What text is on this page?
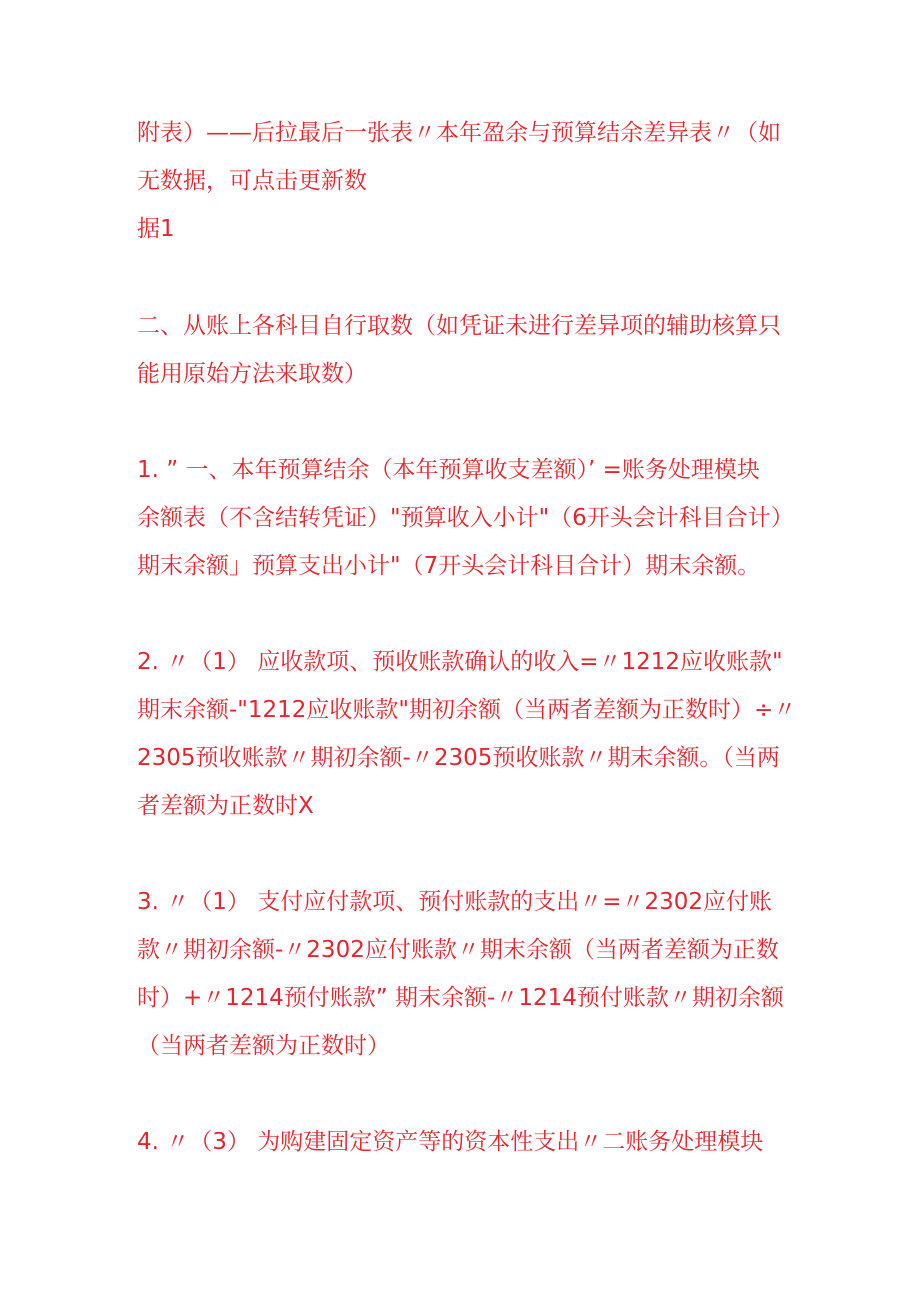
附表）——后拉最后一张表〃本年盈余与预算结余差异表〃（如
无数据，可点击更新数
据1
二、从账上各科目自行取数（如凭证未进行差异项的辅助核算只
能用原始方法来取数）
1. ” 一、本年预算结余（本年预算收支差额）’ =账务处理模块
余额表（不含结转凭证）"预算收入小计"（6开头会计科目合计）
期末余额」预算支出小计"（7开头会计科目合计）期末余额。
2. 〃（1） 应收款项、预收账款确认的收入=〃1212应收账款"
期末余额-"1212应收账款"期初余额（当两者差额为正数时）÷〃
2305预收账款〃期初余额-〃2305预收账款〃期末余额。（当两
者差额为正数时X
3. 〃（1） 支付应付款项、预付账款的支出〃=〃2302应付账
款〃期初余额-〃2302应付账款〃期末余额（当两者差额为正数
时）+〃1214预付账款” 期末余额-〃1214预付账款〃期初余额
（当两者差额为正数时）
4. 〃（3） 为购建固定资产等的资本性支出〃二账务处理模块
